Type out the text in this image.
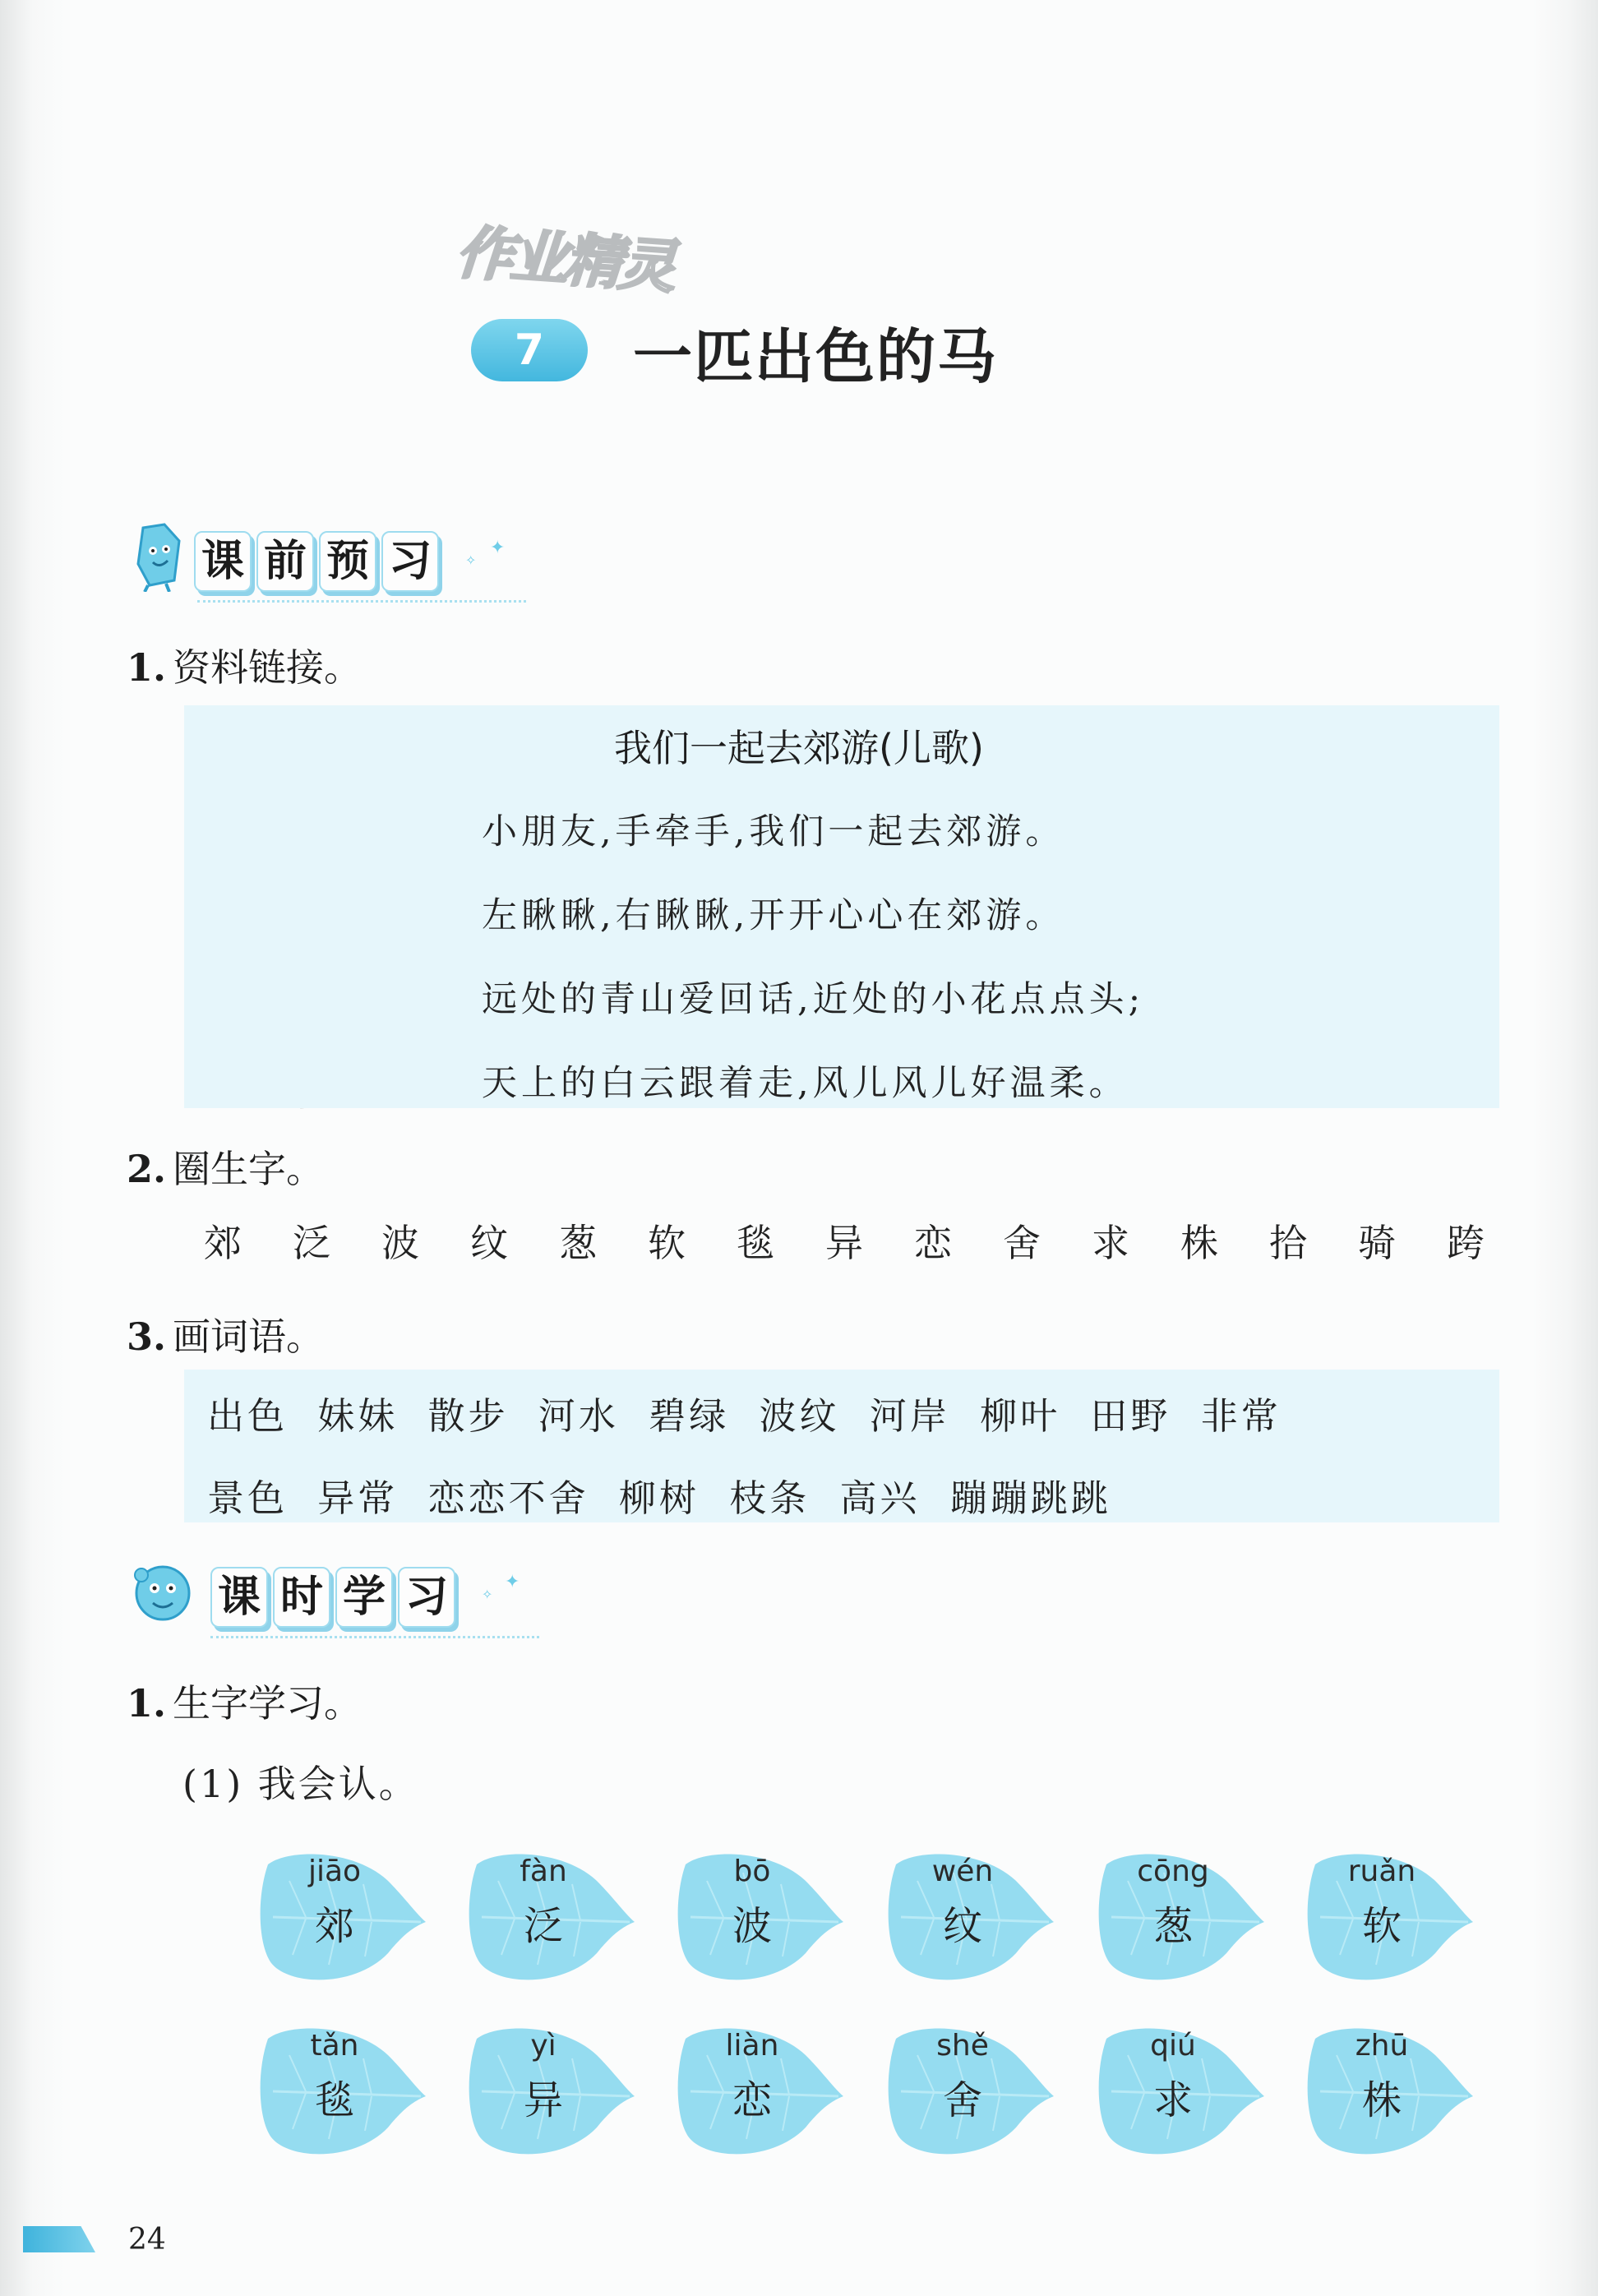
作业精灵
7	一匹出色的马
课 前 预 习	✦
✧
1. 资料链接。
我们一起去郊游(儿歌)
小朋友,手牵手,我们一起去郊游。
左瞅瞅,右瞅瞅,开开心心在郊游。
远处的青山爱回话,近处的小花点点头;
天上的白云跟着走,风儿风儿好温柔。
2. 圈生字。
郊	泛	波	纹	葱	软	毯	异	恋	舍	求	株	拾	骑	跨
3. 画词语。
出色 妹妹 散步 河水 碧绿 波纹 河岸 柳叶 田野 非常
景色 异常 恋恋不舍 柳树 枝条 高兴 蹦蹦跳跳
课 时 学 习	✦
✧
1. 生字学习。
(1) 我会认。
jiāo
郊
fàn
泛
bō
波
wén
纹
cōng
葱
ruǎn
软
tǎn
毯
yì
异
liàn
恋
shě
舍
qiú
求
zhū
株
24
